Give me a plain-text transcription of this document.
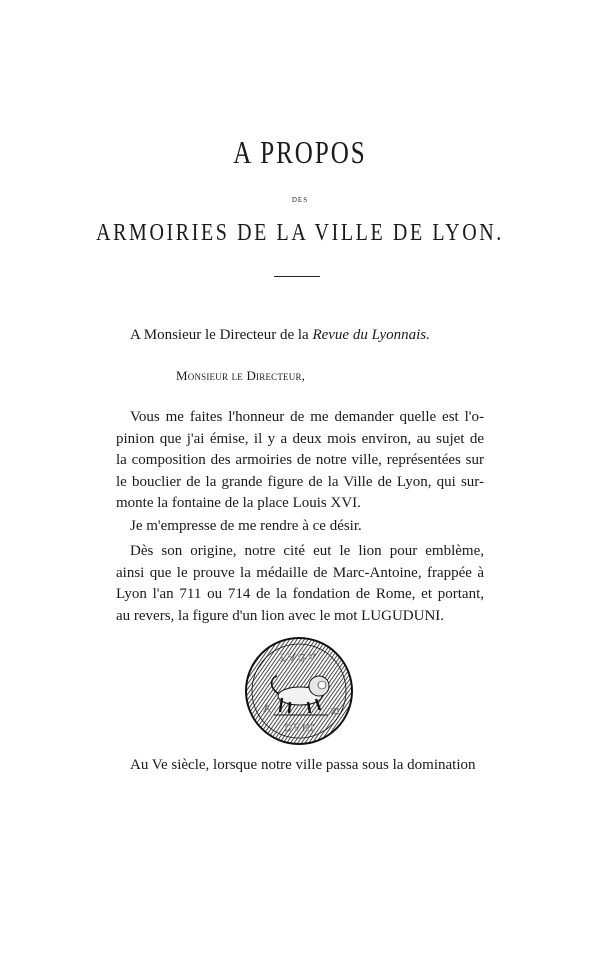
A PROPOS
DES
ARMOIRIES DE LA VILLE DE LYON.
A Monsieur le Directeur de la Revue du Lyonnais.
Monsieur le Directeur,
Vous me faites l'honneur de me demander quelle est l'o-
pinion que j'ai émise, il y a deux mois environ, au sujet de
la composition des armoiries de notre ville, représentées sur
le bouclier de la grande figure de la Ville de Lyon, qui sur-
monte la fontaine de la place Louis XVI.
Je m'empresse de me rendre à ce désir.
Dès son origine, notre cité eut le lion pour emblème,
ainsi que le prouve la médaille de Marc-Antoine, frappée à
Lyon l'an 711 ou 714 de la fondation de Rome, et portant,
au revers, la figure d'un lion avec le mot LUGUDUNI.
LVGV
DVNI
A	XL
Au Ve siècle, lorsque notre ville passa sous la domination
